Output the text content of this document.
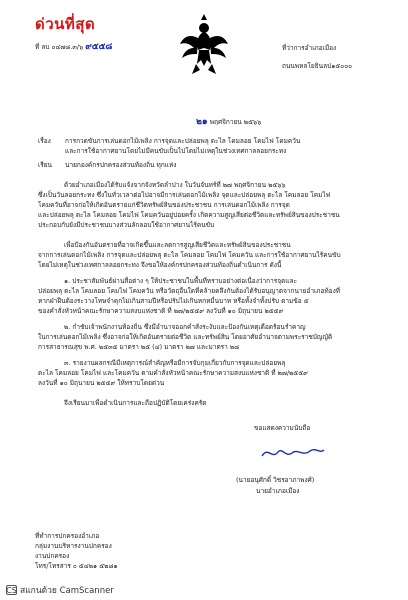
ด่วนที่สุด
ที่ ลบ ๐๔๗๘.๓/๖ ๙๕๕๘	ที่ว่าการอำเภอเมือง
ถนนพหลโยธินลป๑๕๐๐๐
๒๑ พฤศจิกายน ๒๕๖๖
เรื่อง การกวดขันการเล่นดอกไม้เพลิง การจุดและปล่อยพลุ ตะไล โคมลอย โคมไฟ โคมควัน
และการใช้อากาศยานโดยไม่มีคนขับเป็นไปโดยไม่เหตุในช่วงเทศกาลลอยกระทง
เรียน นายกองค์กรปกครองส่วนท้องถิ่น ทุกแห่ง
ด้วยอำเภอเมืองได้รับแจ้งจากจังหวัดลำปาง ในวันจันทร์ที่ ๒๗ พฤศจิกายน ๒๕๖๖
ซึ่งเป็นวันลอยกระทง ซึ่งในทั่วเวลาต่อไปอาจมีการเล่นดอกไม้เพลิง จุดและปล่อยพลุ ตะไล โคมลอย โคมไฟ
โคมควันที่อาจก่อให้เกิดอันตรายแก่ชีวิตทรัพย์สินของประชาชน การเล่นดอกไม้เพลิง การจุด
และปล่อยพลุ ตะไล โคมลอย โคมไฟ โคมควันอยู่บ่อยครั้ง เกิดความสูญเสียต่อชีวิตและทรัพย์สินของประชาชน
ประกอบกับยังมีประชาชนบางส่วนลักลอบใช้อากาศยานไร้คนขับ
เพื่อป้องกันอันตรายที่อาจเกิดขึ้นและลดการสูญเสียชีวิตและทรัพย์สินของประชาชน
จากการเล่นดอกไม้เพลิง การจุดและปล่อยพลุ ตะไล โคมลอย โคมไฟ โคมควัน และการใช้อากาศยานไร้คนขับ
โดยไม่เหตุในช่วงเทศกาลลอยกระทง จึงขอให้องค์กรปกครองส่วนท้องถิ่นดำเนินการ ดังนี้
๑. ประชาสัมพันธ์ผ่านสื่อต่าง ๆ ให้ประชาชนในพื้นที่ทราบอย่างต่อเนื่องว่าการจุดและ
ปล่อยพลุ ตะไล โคมลอย โคมไฟ โคมควัน หรือวัตถุอื่นใดที่คล้ายคลึงกันต้องได้รับอนุญาตจากนายอำเภอท้องที่
หากฝ่าฝืนต้องระวางโทษจำคุกไม่เกินสามปีหรือปรับไม่เกินหกหมื่นบาท หรือทั้งจำทั้งปรับ ตามข้อ ๕
ของคำสั่งหัวหน้าคณะรักษาความสงบแห่งชาติ ที่ ๒๗/๒๕๕๙ ลงวันที่ ๑๐ มิถุนายน ๒๕๕๙
๒. กำชับเจ้าพนักงานท้องถิ่น ซึ่งมีอำนาจออกคำสั่งระงับและป้องกันเหตุเดือดร้อนรำคาญ
ในการเล่นดอกไม้เพลิง ซึ่งอาจก่อให้เกิดอันตรายต่อชีวิต และทรัพย์สิน โดยอาศัยอำนาจตามพระราชบัญญัติ
การสาธารณสุข พ.ศ. ๒๕๓๕ มาตรา ๒๕ (๔) มาตรา ๒๗ และมาตรา ๒๘
๓. รายงานผลกรณีมีเหตุการณ์สำคัญหรือมีการจับกุมเกี่ยวกับการจุดและปล่อยพลุ
ตะไล โคมลอย โคมไฟ และโคมควัน ตามคำสั่งหัวหน้าคณะรักษาความสงบแห่งชาติ ที่ ๒๗/๒๕๕๙
ลงวันที่ ๑๐ มิถุนายน ๒๕๕๙ ให้ทราบโดยด่วน
จึงเรียนมาเพื่อดำเนินการและถือปฏิบัติโดยเคร่งครัด
ขอแสดงความนับถือ
(นายอนุศักดิ์ วิชรอาภาพงศ์)
นายอำเภอเมือง
ที่ทำการปกครองอำเภอ
กลุ่มงานบริหารงานปกครอง
งานปกครอง
โทร/โทรสาร ๐ ๕๔๒๑ ๕๒๘๑
CS สแกนด้วย CamScanner
